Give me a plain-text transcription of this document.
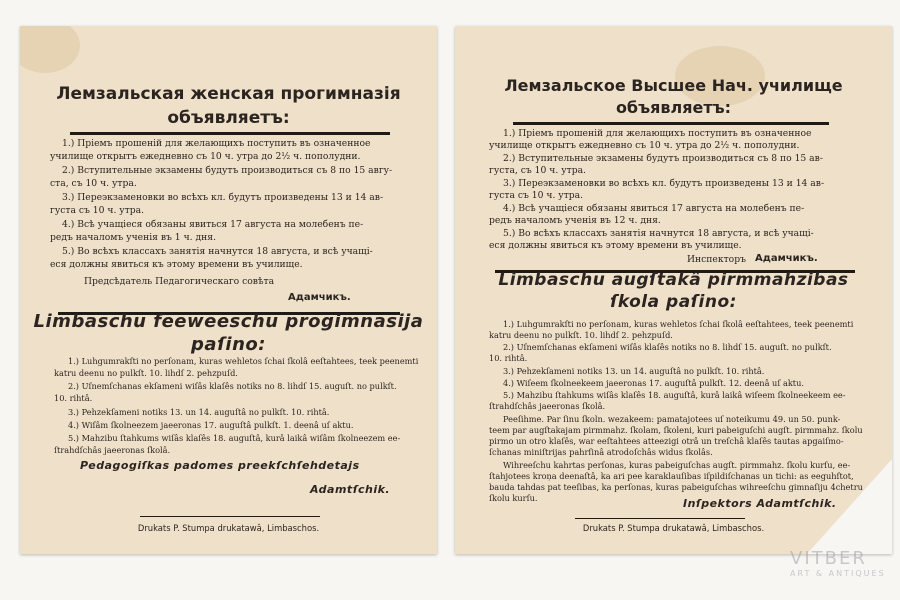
Лемзальская женская прогимназія
объявляетъ:
1.) Пріемъ прошеній для желающихъ поступить въ означенное
училище открытъ ежедневно съ 10 ч. утра до 2½ ч. пополудни.
2.) Вступительные экзамены будутъ производиться съ 8 по 15 авгу-
ста, съ 10 ч. утра.
3.) Переэкзаменовки во всѣхъ кл. будутъ произведены 13 и 14 ав-
густа съ 10 ч. утра.
4.) Всѣ учащіеся обязаны явиться 17 августа на молебенъ пе-
редъ началомъ ученія въ 1 ч. дня.
5.) Во всѣхъ классахъ занятія начнутся 18 августа, и всѣ учащі-
еся должны явиться къ этому времени въ училище.
Предсѣдатель Педагогическаго совѣта
Адамчикъ.
Limbaschu feeweeschu progimnasija
paſino:
1.) Luhgumrakſti no perſonam, kuras wehletos ſchai ſkolâ eeſtahtees, teek peenemti
katru deenu no pulkſt. 10. lihdſ 2. pehzpuſd.
2.) Uſnemſchanas ekſameni wiſâs klaſês notiks no 8. lihdſ 15. auguſt. no pulkſt.
10. rihtâ.
3.) Pehzekſameni notiks 13. un 14. auguſtâ no pulkſt. 10. rihtâ.
4.) Wiſâm ſkolneezem jaeeronas 17. auguſtâ pulkſt. 1. deenâ uſ aktu.
5.) Mahzibu ſtahkums wiſâs klaſês 18. auguſtâ, kurâ laikâ wiſâm ſkolneezem ee-
ſtrahdſchâs jaeeronas ſkolâ.
Pedagogiſkas padomes preekſchſehdetajs
Adamtſchik.
Drukats P. Stumpa drukatawâ, Limbaschos.
Лемзальское Высшее Нач. училище
объявляетъ:
1.) Пріемъ прошеній для желающихъ поступить въ означенное
училище открытъ ежедневно съ 10 ч. утра до 2½ ч. пополудни.
2.) Вступительные экзамены будутъ производиться съ 8 по 15 ав-
густа, съ 10 ч. утра.
3.) Переэкзаменовки во всѣхъ кл. будутъ произведены 13 и 14 ав-
густа съ 10 ч. утра.
4.) Всѣ учащіеся обязаны явиться 17 августа на молебенъ пе-
редъ началомъ ученія въ 12 ч. дня.
5.) Во всѣхъ классахъ занятія начнутся 18 августа, и всѣ учащі-
еся должны явиться къ этому времени въ училище.
Инспекторъ Адамчикъ.
Limbaschu augſtakâ pirmmahzibas
ſkola paſino:
1.) Luhgumrakſti no perſonam, kuras wehletos ſchai ſkolâ eeſtahtees, teek peenemti
katru deenu no pulkſt. 10. lihdſ 2. pehzpuſd.
2.) Uſnemſchanas ekſameni wiſâs klaſês notiks no 8. lihdſ 15. auguſt. no pulkſt.
10. rihtâ.
3.) Pehzekſameni notiks 13. un 14. auguſtâ no pulkſt. 10. rihtâ.
4.) Wiſeem ſkolneekeem jaeeronas 17. auguſtâ pulkſt. 12. deenâ uſ aktu.
5.) Mahzibu ſtahkums wiſâs klaſês 18. auguſtâ, kurâ laikâ wiſeem ſkolneekeem ee-
ſtrahdſchâs jaeeronas ſkolâ.
Peeſihme. Par ſinu ſkoln. wezakeem: pamatajotees uſ noteikumu 49. un 50. punk-
teem par augſtakajam pirmmahz. ſkolam, ſkoleni, kuri pabeiguſchi augſt. pirmmahz. ſkolu
pirmo un otro klaſês, war eeſtahtees atteezigi otrâ un treſchâ klaſês tautas apgaiſmo-
ſchanas miniſtrijas pahrſinâ atrodoſchâs widus ſkolâs.
Wihreeſchu kahrtas perſonas, kuras pabeiguſchas augſt. pirmmahz. ſkolu kurſu, ee-
ſtahjotees kroņa deenaſtâ, ka ari pee karaklauſibas iſpildiſchanas un tichi: as eeguhſtot,
bauda tahdas pat teeſibas, ka perſonas, kuras pabeiguſchas wihreeſchu gimnaſiju 4chetru
ſkolu kurſu.	Inſpektors Adamtſchik.
Drukats P. Stumpa drukatawâ, Limbaschos.
VITBER
ART & ANTIQUES
